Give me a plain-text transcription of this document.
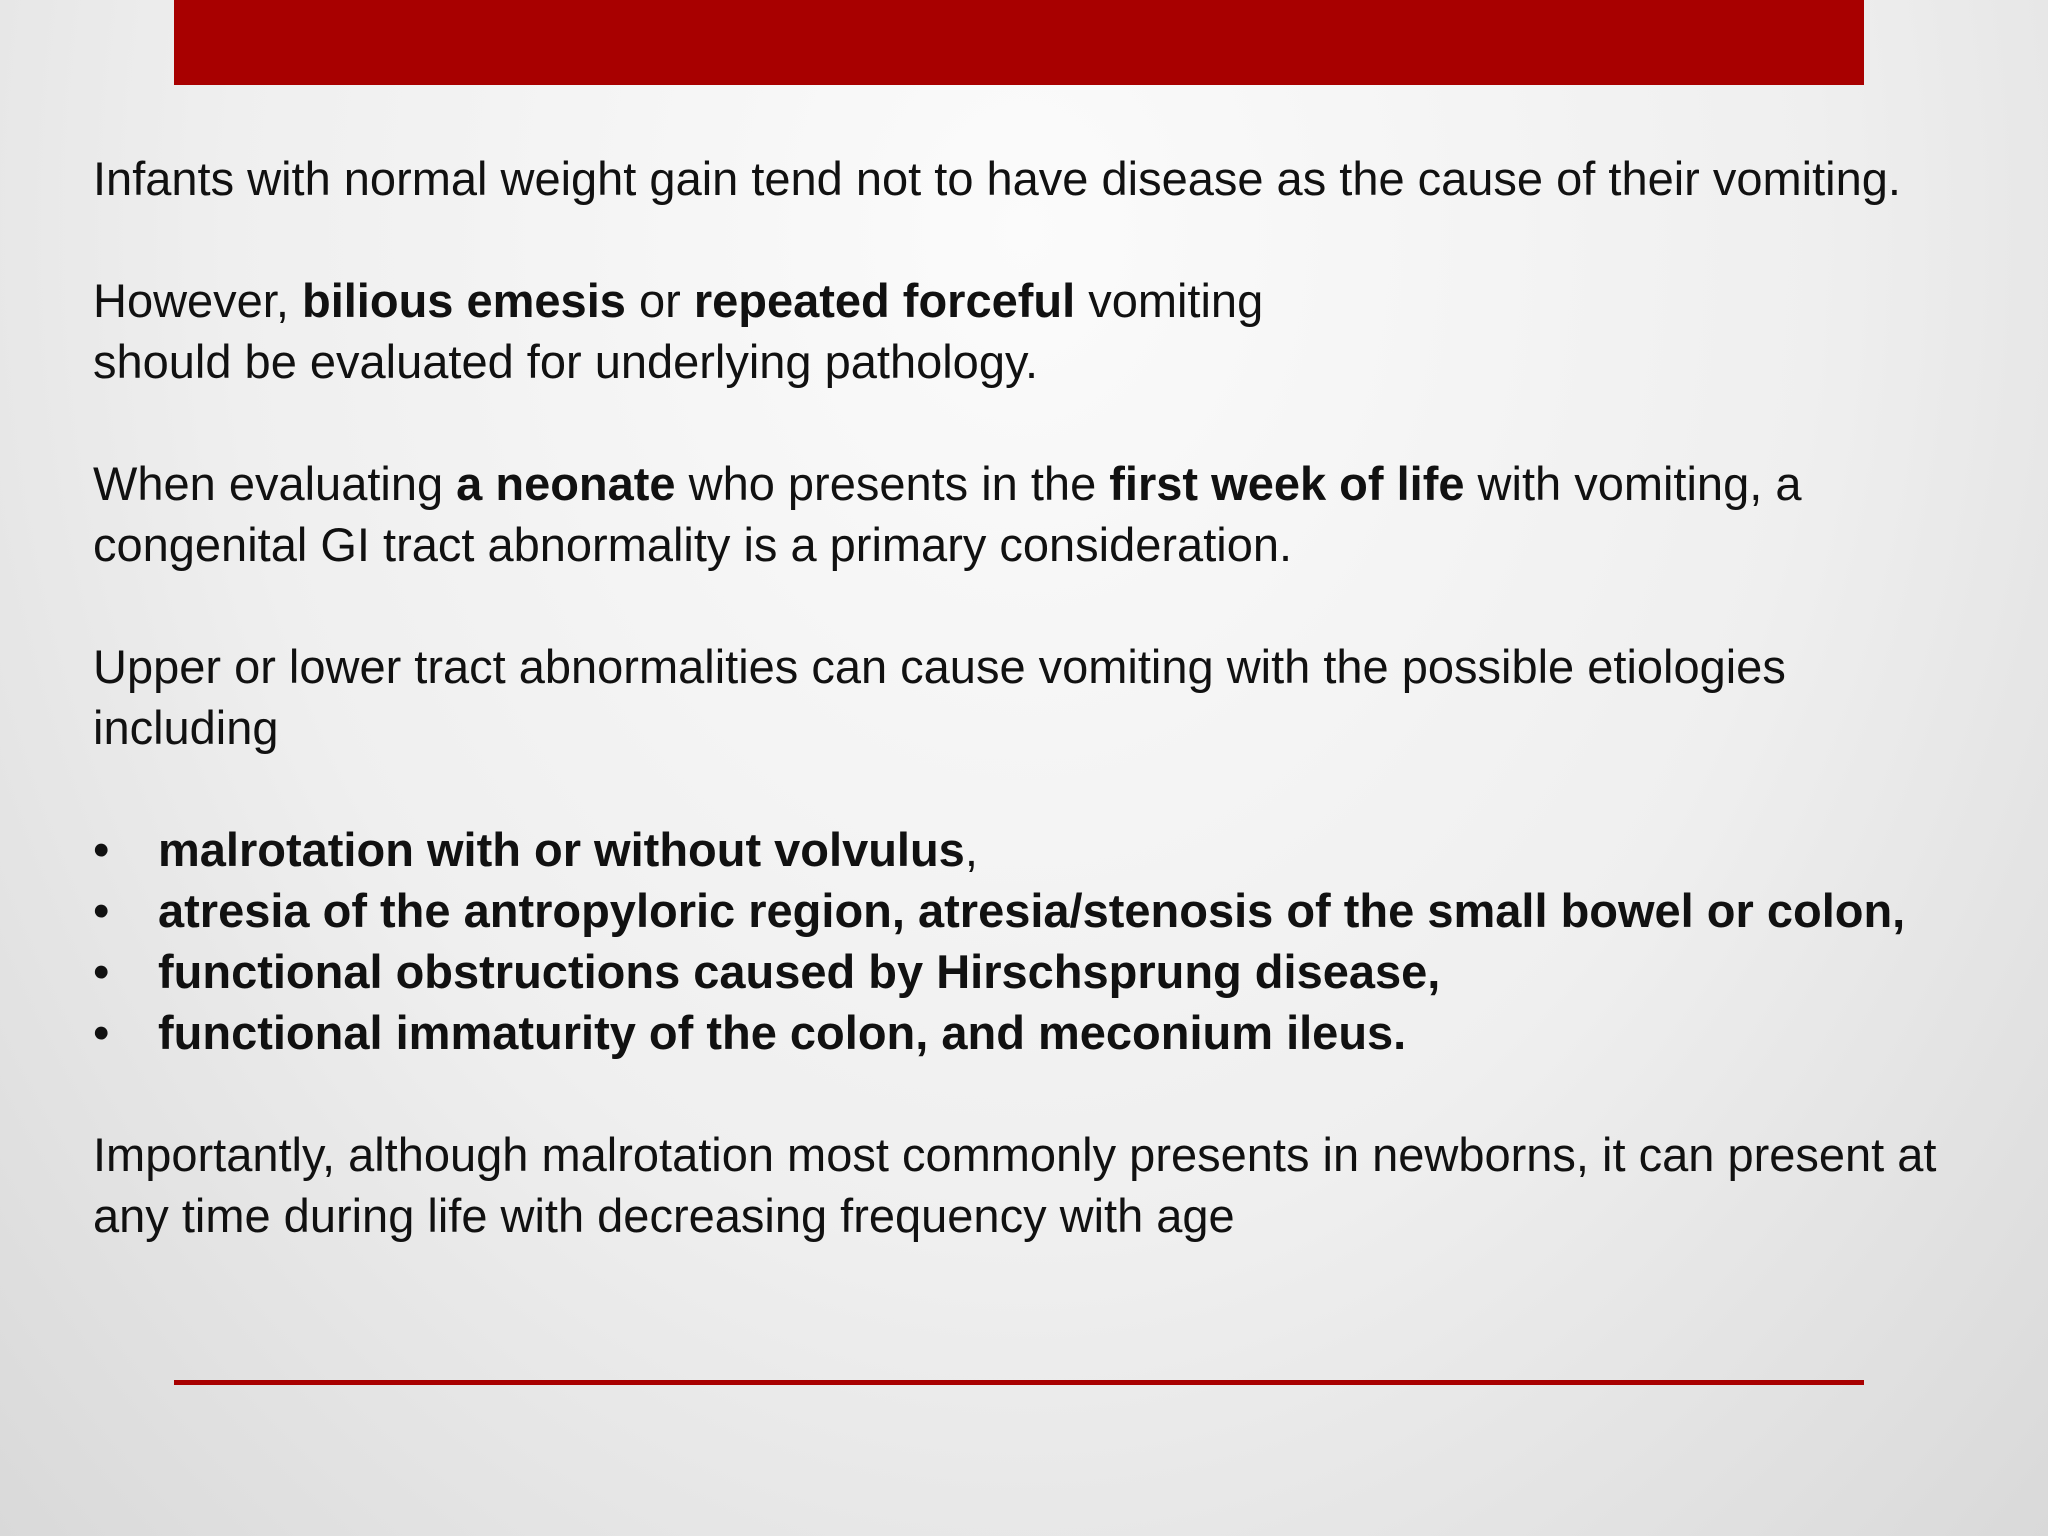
Infants with normal weight gain tend not to have disease as the cause of their vomiting.

However, bilious emesis or repeated forceful vomiting
should be evaluated for underlying pathology.

When evaluating a neonate who presents in the first week of life with vomiting, a congenital GI tract abnormality is a primary consideration.

Upper or lower tract abnormalities can cause vomiting with the possible etiologies including

•	malrotation with or without volvulus,
•	atresia of the antropyloric region, atresia/stenosis of the small bowel or colon,
•	functional obstructions caused by Hirschsprung disease,
•	functional immaturity of the colon, and meconium ileus.

Importantly, although malrotation most commonly presents in newborns, it can present at any time during life with decreasing frequency with age
